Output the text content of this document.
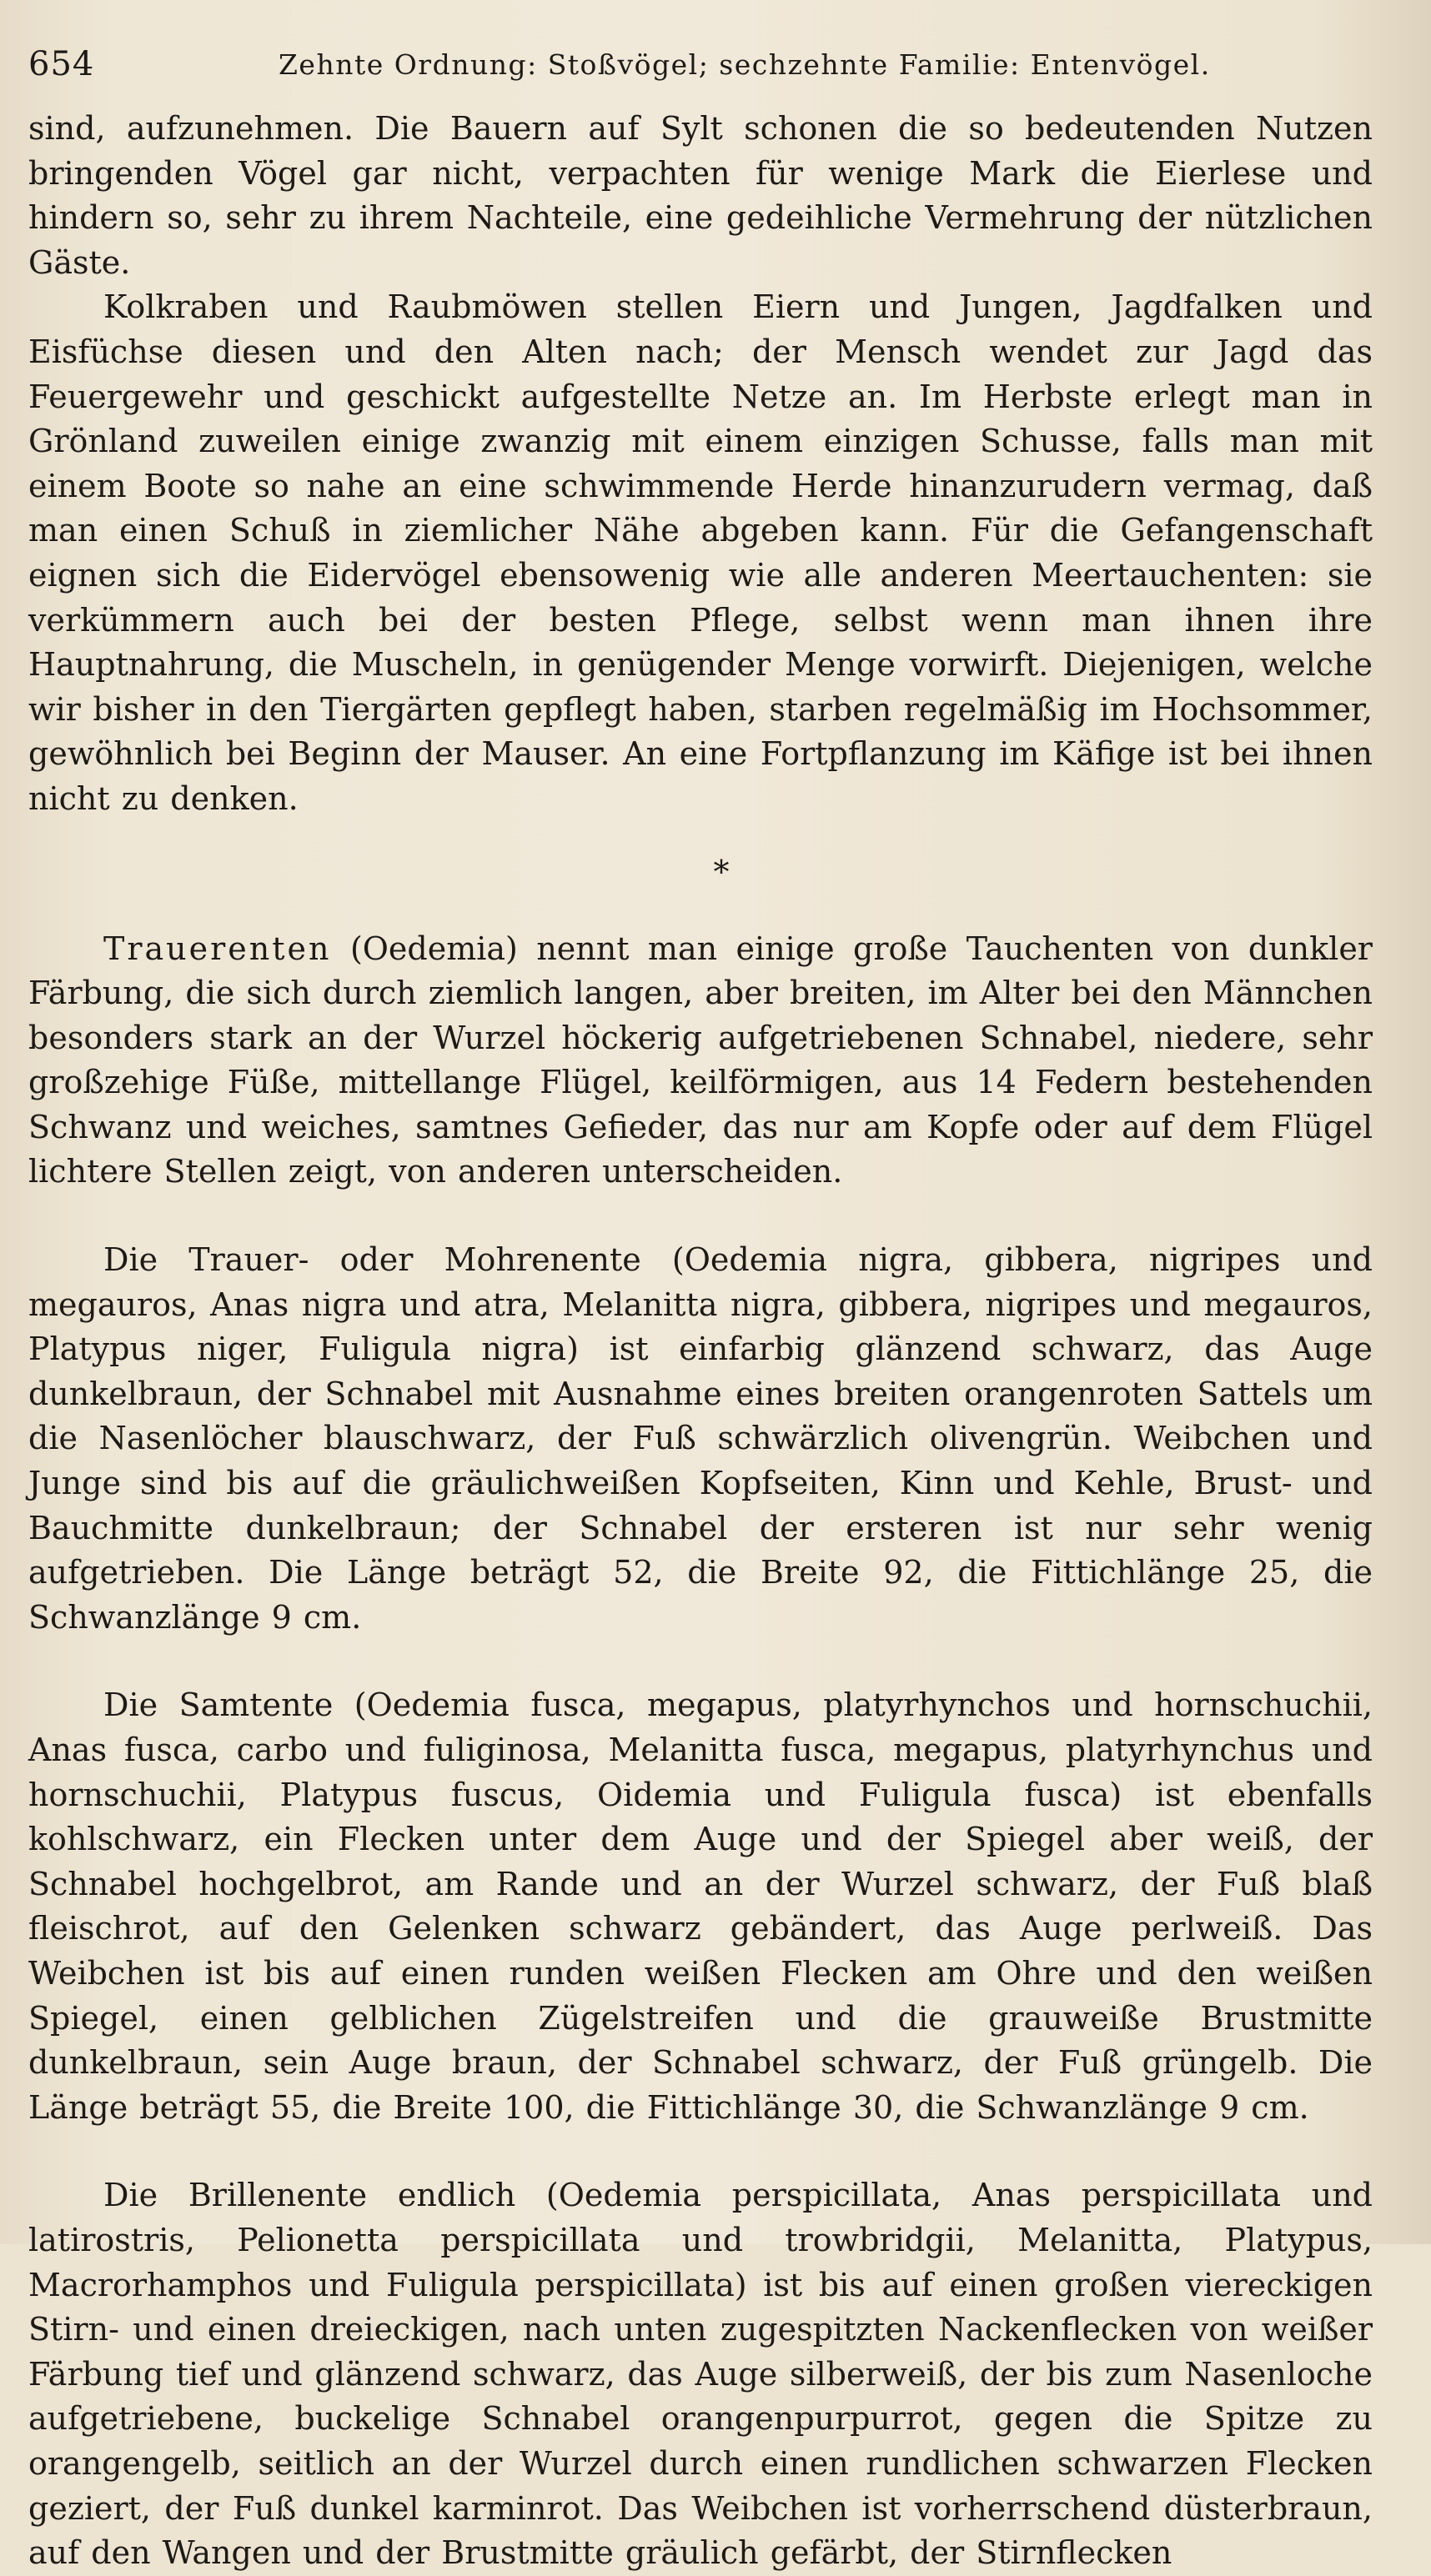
654	Zehnte Ordnung: Stoßvögel; sechzehnte Familie: Entenvögel.

sind, aufzunehmen. Die Bauern auf Sylt schonen die so bedeutenden Nutzen bringenden Vögel gar nicht, verpachten für wenige Mark die Eierlese und hindern so, sehr zu ihrem Nachteile, eine gedeihliche Vermehrung der nützlichen Gäste.

Kolkraben und Raubmöwen stellen Eiern und Jungen, Jagdfalken und Eisfüchse diesen und den Alten nach; der Mensch wendet zur Jagd das Feuergewehr und geschickt aufgestellte Netze an. Im Herbste erlegt man in Grönland zuweilen einige zwanzig mit einem einzigen Schusse, falls man mit einem Boote so nahe an eine schwimmende Herde hinanzurudern vermag, daß man einen Schuß in ziemlicher Nähe abgeben kann. Für die Gefangenschaft eignen sich die Eidervögel ebensowenig wie alle anderen Meertauchenten: sie verkümmern auch bei der besten Pflege, selbst wenn man ihnen ihre Hauptnahrung, die Muscheln, in genügender Menge vorwirft. Diejenigen, welche wir bisher in den Tiergärten gepflegt haben, starben regelmäßig im Hochsommer, gewöhnlich bei Beginn der Mauser. An eine Fortpflanzung im Käfige ist bei ihnen nicht zu denken.

*

Trauerenten (Oedemia) nennt man einige große Tauchenten von dunkler Färbung, die sich durch ziemlich langen, aber breiten, im Alter bei den Männchen besonders stark an der Wurzel höckerig aufgetriebenen Schnabel, niedere, sehr großzehige Füße, mittellange Flügel, keilförmigen, aus 14 Federn bestehenden Schwanz und weiches, samtnes Gefieder, das nur am Kopfe oder auf dem Flügel lichtere Stellen zeigt, von anderen unterscheiden.

Die Trauer- oder Mohrenente (Oedemia nigra, gibbera, nigripes und megauros, Anas nigra und atra, Melanitta nigra, gibbera, nigripes und megauros, Platypus niger, Fuligula nigra) ist einfarbig glänzend schwarz, das Auge dunkelbraun, der Schnabel mit Ausnahme eines breiten orangenroten Sattels um die Nasenlöcher blauschwarz, der Fuß schwärzlich olivengrün. Weibchen und Junge sind bis auf die gräulichweißen Kopfseiten, Kinn und Kehle, Brust- und Bauchmitte dunkelbraun; der Schnabel der ersteren ist nur sehr wenig aufgetrieben. Die Länge beträgt 52, die Breite 92, die Fittichlänge 25, die Schwanzlänge 9 cm.

Die Samtente (Oedemia fusca, megapus, platyrhynchos und hornschuchii, Anas fusca, carbo und fuliginosa, Melanitta fusca, megapus, platyrhynchus und hornschuchii, Platypus fuscus, Oidemia und Fuligula fusca) ist ebenfalls kohlschwarz, ein Flecken unter dem Auge und der Spiegel aber weiß, der Schnabel hochgelbrot, am Rande und an der Wurzel schwarz, der Fuß blaß fleischrot, auf den Gelenken schwarz gebändert, das Auge perlweiß. Das Weibchen ist bis auf einen runden weißen Flecken am Ohre und den weißen Spiegel, einen gelblichen Zügelstreifen und die grauweiße Brustmitte dunkelbraun, sein Auge braun, der Schnabel schwarz, der Fuß grüngelb. Die Länge beträgt 55, die Breite 100, die Fittichlänge 30, die Schwanzlänge 9 cm.

Die Brillenente endlich (Oedemia perspicillata, Anas perspicillata und latirostris, Pelionetta perspicillata und trowbridgii, Melanitta, Platypus, Macrorhamphos und Fuligula perspicillata) ist bis auf einen großen viereckigen Stirn- und einen dreieckigen, nach unten zugespitzten Nackenflecken von weißer Färbung tief und glänzend schwarz, das Auge silberweiß, der bis zum Nasenloche aufgetriebene, buckelige Schnabel orangenpurpurrot, gegen die Spitze zu orangengelb, seitlich an der Wurzel durch einen rundlichen schwarzen Flecken geziert, der Fuß dunkel karminrot. Das Weibchen ist vorherrschend düsterbraun, auf den Wangen und der Brustmitte gräulich gefärbt, der Stirnflecken
